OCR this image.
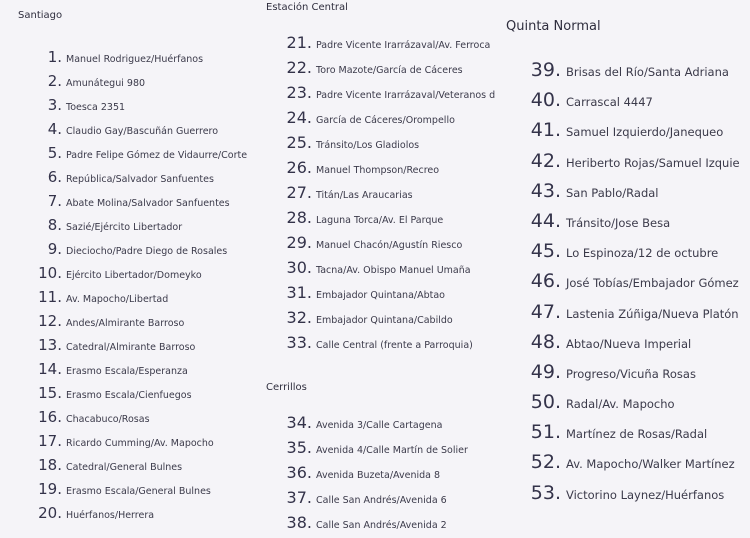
Santiago
Estación Central
Cerrillos
Quinta Normal
1. Manuel Rodriguez/Huérfanos
2. Amunátegui 980
3. Toesca 2351
4. Claudio Gay/Bascuñán Guerrero
5. Padre Felipe Gómez de Vidaurre/Corte
6. República/Salvador Sanfuentes
7. Abate Molina/Salvador Sanfuentes
8. Sazié/Ejército Libertador
9. Dieciocho/Padre Diego de Rosales
10. Ejército Libertador/Domeyko
11. Av. Mapocho/Libertad
12. Andes/Almirante Barroso
13. Catedral/Almirante Barroso
14. Erasmo Escala/Esperanza
15. Erasmo Escala/Cienfuegos
16. Chacabuco/Rosas
17. Ricardo Cumming/Av. Mapocho
18. Catedral/General Bulnes
19. Erasmo Escala/General Bulnes
20. Huérfanos/Herrera
21. Padre Vicente Irarrázaval/Av. Ferroca
22. Toro Mazote/García de Cáceres
23. Padre Vicente Irarrázaval/Veteranos d
24. García de Cáceres/Orompello
25. Tránsito/Los Gladiolos
26. Manuel Thompson/Recreo
27. Titán/Las Araucarias
28. Laguna Torca/Av. El Parque
29. Manuel Chacón/Agustín Riesco
30. Tacna/Av. Obispo Manuel Umaña
31. Embajador Quintana/Abtao
32. Embajador Quintana/Cabildo
33. Calle Central (frente a Parroquia)
34. Avenida 3/Calle Cartagena
35. Avenida 4/Calle Martín de Solier
36. Avenida Buzeta/Avenida 8
37. Calle San Andrés/Avenida 6
38. Calle San Andrés/Avenida 2
39. Brisas del Río/Santa Adriana
40. Carrascal 4447
41. Samuel Izquierdo/Janequeo
42. Heriberto Rojas/Samuel Izquie
43. San Pablo/Radal
44. Tránsito/Jose Besa
45. Lo Espinoza/12 de octubre
46. José Tobías/Embajador Gómez
47. Lastenia Zúñiga/Nueva Platón
48. Abtao/Nueva Imperial
49. Progreso/Vicuña Rosas
50. Radal/Av. Mapocho
51. Martínez de Rosas/Radal
52. Av. Mapocho/Walker Martínez
53. Victorino Laynez/Huérfanos
